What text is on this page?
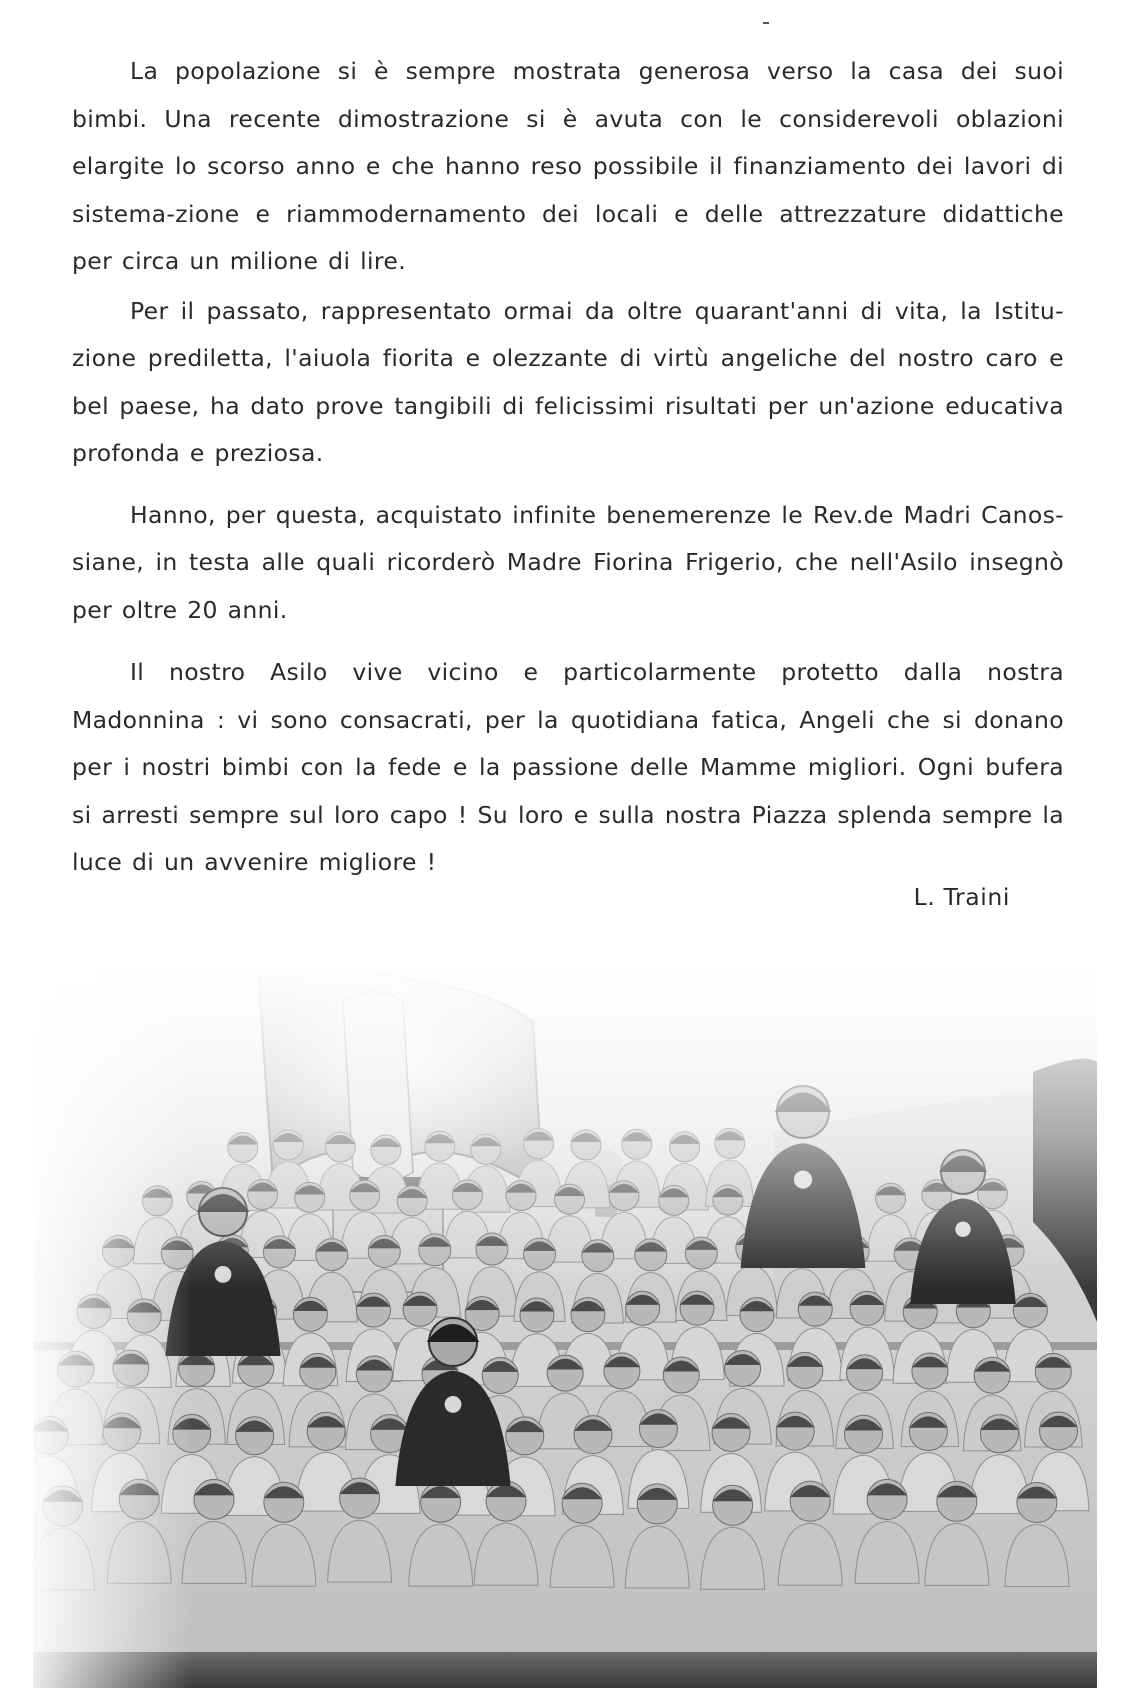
La popolazione si è sempre mostrata generosa verso la casa dei suoi bimbi. Una recente dimostrazione si è avuta con le considerevoli oblazioni elargite lo scorso anno e che hanno reso possibile il finanziamento dei lavori di sistema-zione e riammodernamento dei locali e delle attrezzature didattiche per circa un milione di lire.

Per il passato, rappresentato ormai da oltre quarant'anni di vita, la Istitu-zione prediletta, l'aiuola fiorita e olezzante di virtù angeliche del nostro caro e bel paese, ha dato prove tangibili di felicissimi risultati per un'azione educativa profonda e preziosa.

Hanno, per questa, acquistato infinite benemerenze le Rev.de Madri Canos-siane, in testa alle quali ricorderò Madre Fiorina Frigerio, che nell'Asilo insegnò per oltre 20 anni.

Il nostro Asilo vive vicino e particolarmente protetto dalla nostra Madonnina : vi sono consacrati, per la quotidiana fatica, Angeli che si donano per i nostri bimbi con la fede e la passione delle Mamme migliori. Ogni bufera si arresti sempre sul loro capo ! Su loro e sulla nostra Piazza splenda sempre la luce di un avvenire migliore !

L. Traini
